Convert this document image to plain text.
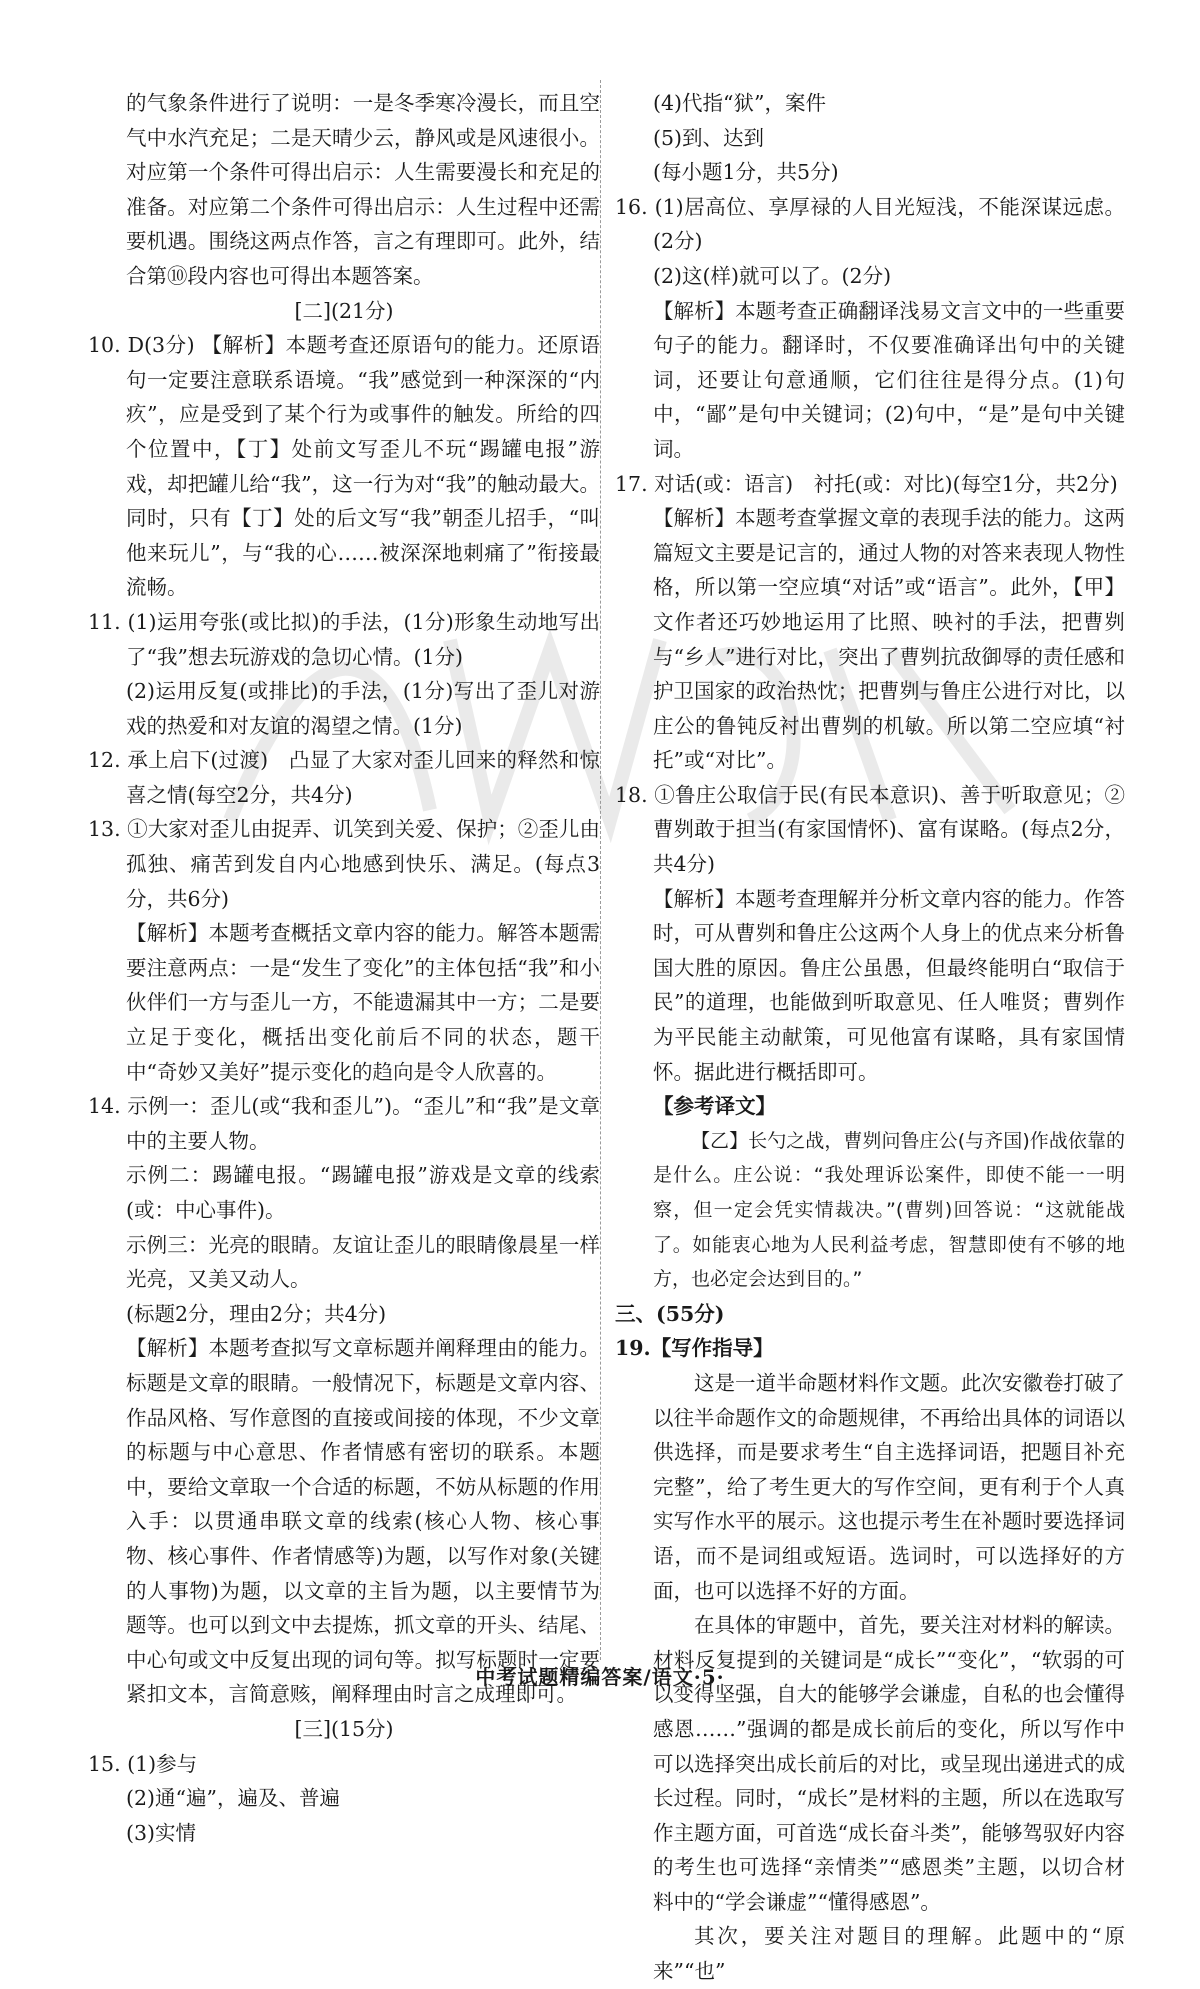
的气象条件进行了说明：一是冬季寒冷漫长，而且空气中水汽充足；二是天晴少云，静风或是风速很小。对应第一个条件可得出启示：人生需要漫长和充足的准备。对应第二个条件可得出启示：人生过程中还需要机遇。围绕这两点作答，言之有理即可。此外，结合第⑩段内容也可得出本题答案。

[二](21分)

10. D(3分) 【解析】本题考查还原语句的能力。还原语句一定要注意联系语境。“我”感觉到一种深深的“内疚”，应是受到了某个行为或事件的触发。所给的四个位置中，【丁】处前文写歪儿不玩“踢罐电报”游戏，却把罐儿给“我”，这一行为对“我”的触动最大。同时，只有【丁】处的后文写“我”朝歪儿招手，“叫他来玩儿”，与“我的心……被深深地刺痛了”衔接最流畅。

11. (1)运用夸张(或比拟)的手法，(1分)形象生动地写出了“我”想去玩游戏的急切心情。(1分)

(2)运用反复(或排比)的手法，(1分)写出了歪儿对游戏的热爱和对友谊的渴望之情。(1分)

12. 承上启下(过渡)　凸显了大家对歪儿回来的释然和惊喜之情(每空2分，共4分)

13. ①大家对歪儿由捉弄、讥笑到关爱、保护；②歪儿由孤独、痛苦到发自内心地感到快乐、满足。(每点3分，共6分)

【解析】本题考查概括文章内容的能力。解答本题需要注意两点：一是“发生了变化”的主体包括“我”和小伙伴们一方与歪儿一方，不能遗漏其中一方；二是要立足于变化，概括出变化前后不同的状态，题干中“奇妙又美好”提示变化的趋向是令人欣喜的。

14. 示例一：歪儿(或“我和歪儿”)。“歪儿”和“我”是文章中的主要人物。

示例二：踢罐电报。“踢罐电报”游戏是文章的线索(或：中心事件)。

示例三：光亮的眼睛。友谊让歪儿的眼睛像晨星一样光亮，又美又动人。

(标题2分，理由2分；共4分)

【解析】本题考查拟写文章标题并阐释理由的能力。标题是文章的眼睛。一般情况下，标题是文章内容、作品风格、写作意图的直接或间接的体现，不少文章的标题与中心意思、作者情感有密切的联系。本题中，要给文章取一个合适的标题，不妨从标题的作用入手：以贯通串联文章的线索(核心人物、核心事物、核心事件、作者情感等)为题，以写作对象(关键的人事物)为题，以文章的主旨为题，以主要情节为题等。也可以到文中去提炼，抓文章的开头、结尾、中心句或文中反复出现的词句等。拟写标题时一定要紧扣文本，言简意赅，阐释理由时言之成理即可。

[三](15分)

15. (1)参与

(2)通“遍”，遍及、普遍

(3)实情

(4)代指“狱”，案件

(5)到、达到

(每小题1分，共5分)

16. (1)居高位、享厚禄的人目光短浅，不能深谋远虑。(2分)

(2)这(样)就可以了。(2分)

【解析】本题考查正确翻译浅易文言文中的一些重要句子的能力。翻译时，不仅要准确译出句中的关键词，还要让句意通顺，它们往往是得分点。(1)句中，“鄙”是句中关键词；(2)句中，“是”是句中关键词。

17. 对话(或：语言)　衬托(或：对比)(每空1分，共2分)

【解析】本题考查掌握文章的表现手法的能力。这两篇短文主要是记言的，通过人物的对答来表现人物性格，所以第一空应填“对话”或“语言”。此外，【甲】文作者还巧妙地运用了比照、映衬的手法，把曹刿与“乡人”进行对比，突出了曹刿抗敌御辱的责任感和护卫国家的政治热忱；把曹刿与鲁庄公进行对比，以庄公的鲁钝反衬出曹刿的机敏。所以第二空应填“衬托”或“对比”。

18. ①鲁庄公取信于民(有民本意识)、善于听取意见；②曹刿敢于担当(有家国情怀)、富有谋略。(每点2分，共4分)

【解析】本题考查理解并分析文章内容的能力。作答时，可从曹刿和鲁庄公这两个人身上的优点来分析鲁国大胜的原因。鲁庄公虽愚，但最终能明白“取信于民”的道理，也能做到听取意见、任人唯贤；曹刿作为平民能主动献策，可见他富有谋略，具有家国情怀。据此进行概括即可。

【参考译文】

【乙】长勺之战，曹刿问鲁庄公(与齐国)作战依靠的是什么。庄公说：“我处理诉讼案件，即使不能一一明察，但一定会凭实情裁决。”(曹刿)回答说：“这就能战了。如能衷心地为人民利益考虑，智慧即使有不够的地方，也必定会达到目的。”

三、(55分)

19.【写作指导】

这是一道半命题材料作文题。此次安徽卷打破了以往半命题作文的命题规律，不再给出具体的词语以供选择，而是要求考生“自主选择词语，把题目补充完整”，给了考生更大的写作空间，更有利于个人真实写作水平的展示。这也提示考生在补题时要选择词语，而不是词组或短语。选词时，可以选择好的方面，也可以选择不好的方面。

在具体的审题中，首先，要关注对材料的解读。材料反复提到的关键词是“成长”“变化”，“软弱的可以变得坚强，自大的能够学会谦虚，自私的也会懂得感恩……”强调的都是成长前后的变化，所以写作中可以选择突出成长前后的对比，或呈现出递进式的成长过程。同时，“成长”是材料的主题，所以在选取写作主题方面，可首选“成长奋斗类”，能够驾驭好内容的考生也可选择“亲情类”“感恩类”主题，以切合材料中的“学会谦虚”“懂得感恩”。

其次，要关注对题目的理解。此题中的“原来”“也”

中考试题精编答案/语文·5·
